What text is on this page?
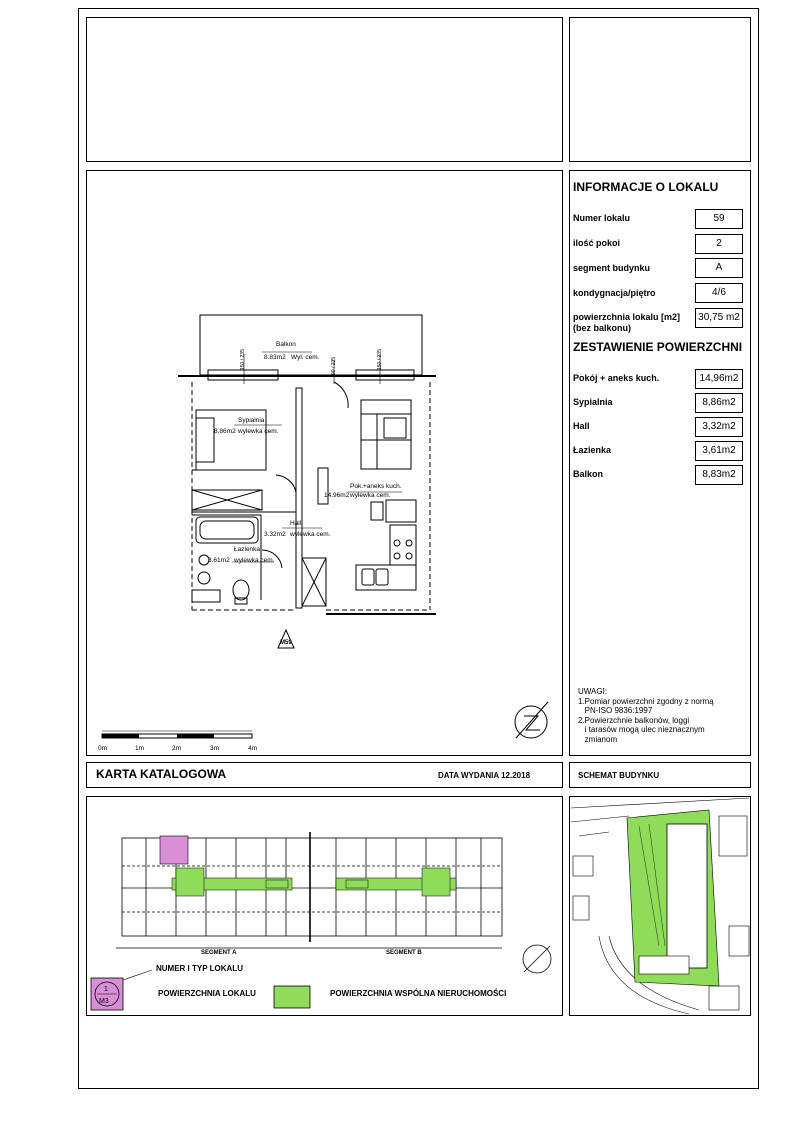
INFORMACJE O LOKALU
Numer lokalu	59
ilość pokoi	2
segment budynku	A
kondygnacja/piętro	4/6
powierzchnia lokalu [m2]
(bez balkonu)
30,75 m2
ZESTAWIENIE POWIERZCHNI
Pokój + aneks kuch.	14,96m2
Sypialnia	8,86m2
Hall	3,32m2
Łazienka	3,61m2
Balkon	8,83m2
UWAGI:
1.Pomiar powierzchni zgodny z normą
PN-ISO 9836:1997
2.Powierzchnie balkonów, loggi
i tarasów mogą ulec nieznacznym
zmianom
Balkon
8.83m2 Wyl. cem.
Sypialnia
8.86m2 wylewka cem.
Pok.+aneks kuch.
14.96m2 wylewka cem.
Hall
3.32m2 wylewka cem.
Łazienka
3.61m2 wylewka cem.
M59
0m	1m	2m	3m	4m
150 / 235	90 / 235	150 / 235
KARTA KATALOGOWA	DATA WYDANIA 12.2018	SCHEMAT BUDYNKU
SEGMENT A	SEGMENT B
1
M3
NUMER I TYP LOKALU
POWIERZCHNIA LOKALU	POWIERZCHNIA WSPÓLNA NIERUCHOMOŚCI
